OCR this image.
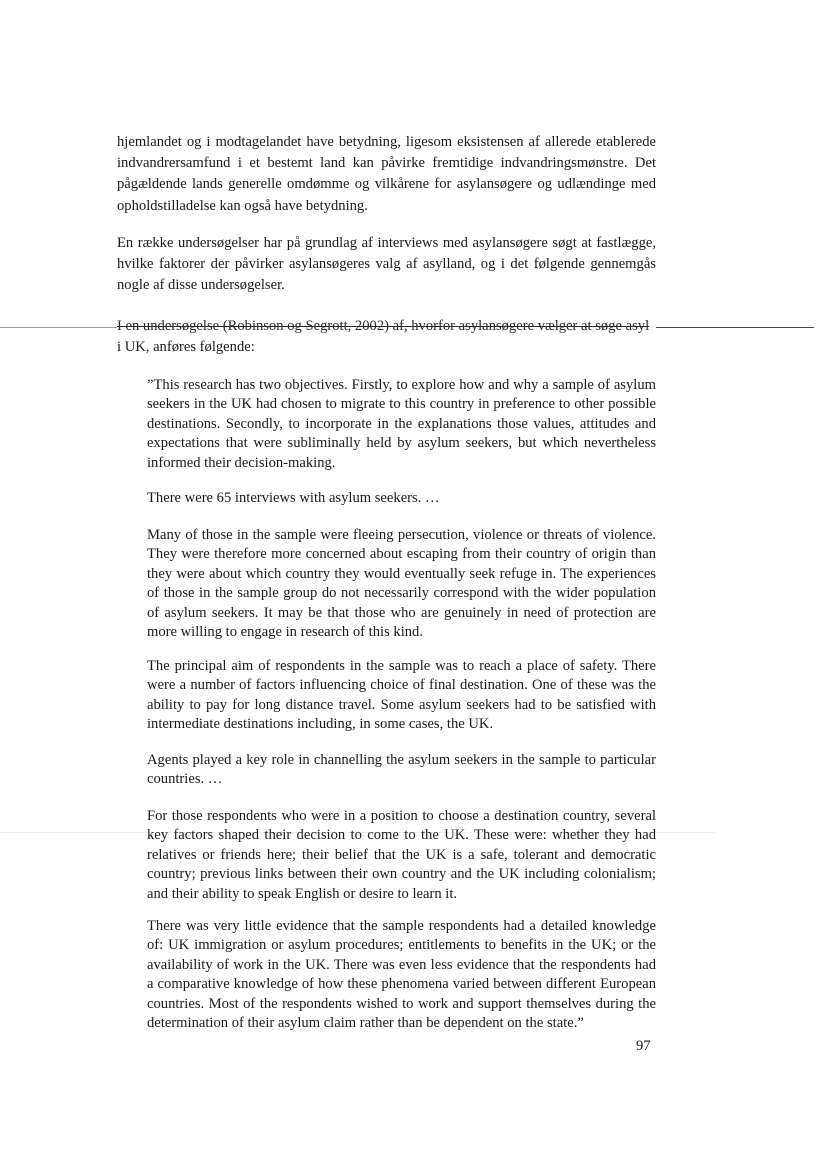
hjemlandet og i modtagelandet have betydning, ligesom eksistensen af allerede etablerede indvandrersamfund i et bestemt land kan påvirke fremtidige indvandringsmønstre. Det pågældende lands generelle omdømme og vilkårene for asylansøgere og udlændinge med opholdstilladelse kan også have betydning.

En række undersøgelser har på grundlag af interviews med asylansøgere søgt at fastlægge, hvilke faktorer der påvirker asylansøgeres valg af asylland, og i det følgende gennemgås nogle af disse undersøgelser.

I en undersøgelse (Robinson og Segrott, 2002) af, hvorfor asylansøgere vælger at søge asyl
i UK, anføres følgende:

”This research has two objectives. Firstly, to explore how and why a sample of asylum seekers in the UK had chosen to migrate to this country in preference to other possible destinations. Secondly, to incorporate in the explanations those values, attitudes and expectations that were subliminally held by asylum seekers, but which nevertheless informed their decision-making.

There were 65 interviews with asylum seekers. …

Many of those in the sample were fleeing persecution, violence or threats of violence. They were therefore more concerned about escaping from their country of origin than they were about which country they would eventually seek refuge in. The experiences of those in the sample group do not necessarily correspond with the wider population of asylum seekers. It may be that those who are genuinely in need of protection are more willing to engage in research of this kind.

The principal aim of respondents in the sample was to reach a place of safety. There were a number of factors influencing choice of final destination. One of these was the ability to pay for long distance travel. Some asylum seekers had to be satisfied with intermediate destinations including, in some cases, the UK.

Agents played a key role in channelling the asylum seekers in the sample to particular countries. …

For those respondents who were in a position to choose a destination country, several key factors shaped their decision to come to the UK. These were: whether they had relatives or friends here; their belief that the UK is a safe, tolerant and democratic country; previous links between their own country and the UK including colonialism; and their ability to speak English or desire to learn it.

There was very little evidence that the sample respondents had a detailed knowledge of: UK immigration or asylum procedures; entitlements to benefits in the UK; or the availability of work in the UK. There was even less evidence that the respondents had a comparative knowledge of how these phenomena varied between different European countries. Most of the respondents wished to work and support themselves during the determination of their asylum claim rather than be dependent on the state.”

97
